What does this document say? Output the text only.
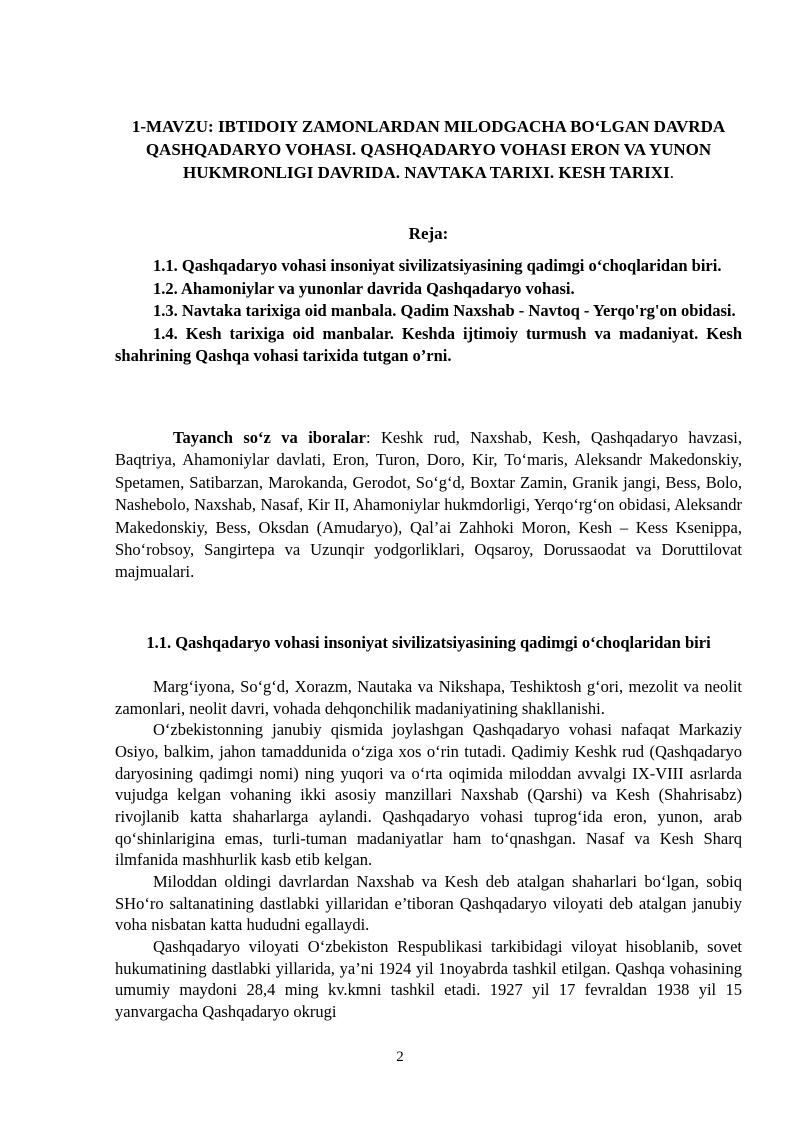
1-MAVZU: IBTIDOIY ZAMONLARDAN MILODGACHA BO‘LGAN DAVRDA QASHQADARYO VOHASI. QASHQADARYO VOHASI ERON VA YUNON HUKMRONLIGI DAVRIDA. NAVTAKA TARIXI. KESH TARIXI.
Reja:

1.1. Qashqadaryo vohasi insoniyat sivilizatsiyasining qadimgi o‘choqlaridan biri.

1.2. Ahamoniylar va yunonlar davrida Qashqadaryo vohasi.

1.3. Navtaka tarixiga oid manbala. Qadim Naxshab - Navtoq - Yerqo'rg'on obidasi.

1.4. Kesh tarixiga oid manbalar. Keshda ijtimoiy turmush va madaniyat. Kesh shahrining Qashqa vohasi tarixida tutgan o’rni.

Tayanch so‘z va iboralar: Keshk rud, Naxshab, Kesh, Qashqadaryo havzasi, Baqtriya, Ahamoniylar davlati, Eron, Turon, Doro, Kir, To‘maris, Aleksandr Makedonskiy, Spetamen, Satibarzan, Marokanda, Gerodot, So‘g‘d, Boxtar Zamin, Granik jangi, Bess, Bolo, Nashebolo, Naxshab, Nasaf, Kir II, Ahamoniylar hukmdorligi, Yerqo‘rg‘on obidasi, Aleksandr Makedonskiy, Bess, Oksdan (Amudaryo), Qal’ai Zahhoki Moron, Kesh – Kess Ksenippa, Sho‘robsoy, Sangirtepa va Uzunqir yodgorliklari, Oqsaroy, Dorussaodat va Doruttilovat majmualari.

1.1. Qashqadaryo vohasi insoniyat sivilizatsiyasining qadimgi o‘choqlaridan biri

Marg‘iyona, So‘g‘d, Xorazm, Nautaka va Nikshapa, Teshiktosh g‘ori, mezolit va neolit zamonlari, neolit davri, vohada dehqonchilik madaniyatining shakllanishi.

O‘zbekistonning janubiy qismida joylashgan Qashqadaryo vohasi nafaqat Markaziy Osiyo, balkim, jahon tamaddunida o‘ziga xos o‘rin tutadi. Qadimiy Keshk rud (Qashqadaryo daryosining qadimgi nomi) ning yuqori va o‘rta oqimida miloddan avvalgi IX-VIII asrlarda vujudga kelgan vohaning ikki asosiy manzillari Naxshab (Qarshi) va Kesh (Shahrisabz) rivojlanib katta shaharlarga aylandi. Qashqadaryo vohasi tuprog‘ida eron, yunon, arab qo‘shinlarigina emas, turli-tuman madaniyatlar ham to‘qnashgan. Nasaf va Kesh Sharq ilmfanida mashhurlik kasb etib kelgan.

Miloddan oldingi davrlardan Naxshab va Kesh deb atalgan shaharlari bo‘lgan, sobiq SHo‘ro saltanatining dastlabki yillaridan e’tiboran Qashqadaryo viloyati deb atalgan janubiy voha nisbatan katta hududni egallaydi.

Qashqadaryo viloyati O‘zbekiston Respublikasi tarkibidagi viloyat hisoblanib, sovet hukumatining dastlabki yillarida, ya’ni 1924 yil 1noyabrda tashkil etilgan. Qashqa vohasining umumiy maydoni 28,4 ming kv.kmni tashkil etadi. 1927 yil 17 fevraldan 1938 yil 15 yanvargacha Qashqadaryo okrugi

2
